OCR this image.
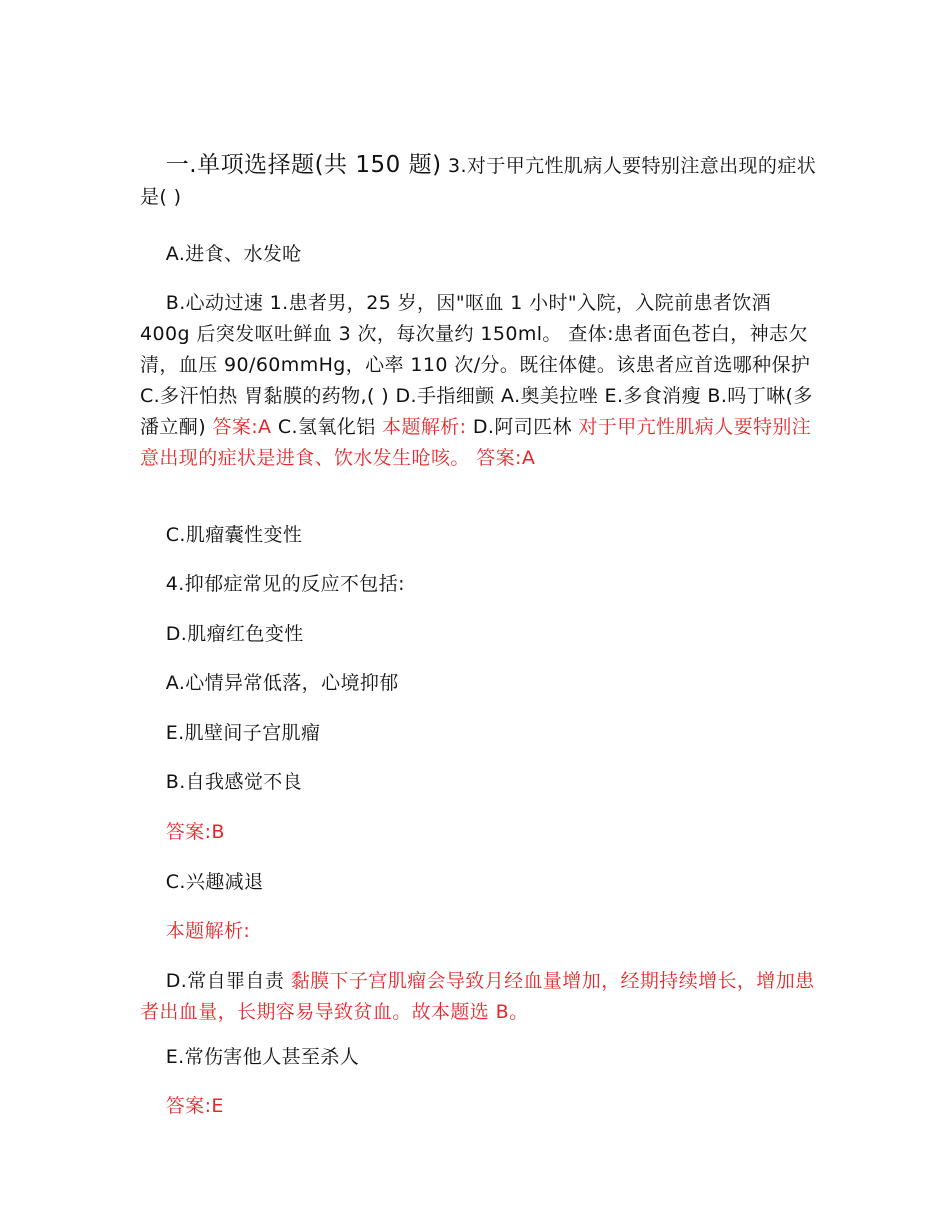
一.单项选择题(共 150 题) 3.对于甲亢性肌病人要特别注意出现的症状是( )

A.进食、水发呛

B.心动过速 1.患者男，25 岁，因"呕血 1 小时"入院，入院前患者饮酒 400g 后突发呕吐鲜血 3 次，每次量约 150ml。 查体:患者面色苍白，神志欠清，血压 90/60mmHg，心率 110 次/分。既往体健。该患者应首选哪种保护 C.多汗怕热 胃黏膜的药物,( ) D.手指细颤 A.奥美拉唑 E.多食消瘦 B.吗丁啉(多潘立酮) 答案:A C.氢氧化铝 本题解析: D.阿司匹林 对于甲亢性肌病人要特别注意出现的症状是进食、饮水发生呛咳。 答案:A

C.肌瘤囊性变性

4.抑郁症常见的反应不包括:

D.肌瘤红色变性

A.心情异常低落，心境抑郁

E.肌壁间子宫肌瘤

B.自我感觉不良

答案:B

C.兴趣减退

本题解析:

D.常自罪自责 黏膜下子宫肌瘤会导致月经血量增加，经期持续增长，增加患者出血量，长期容易导致贫血。故本题选 B。

E.常伤害他人甚至杀人

答案:E
